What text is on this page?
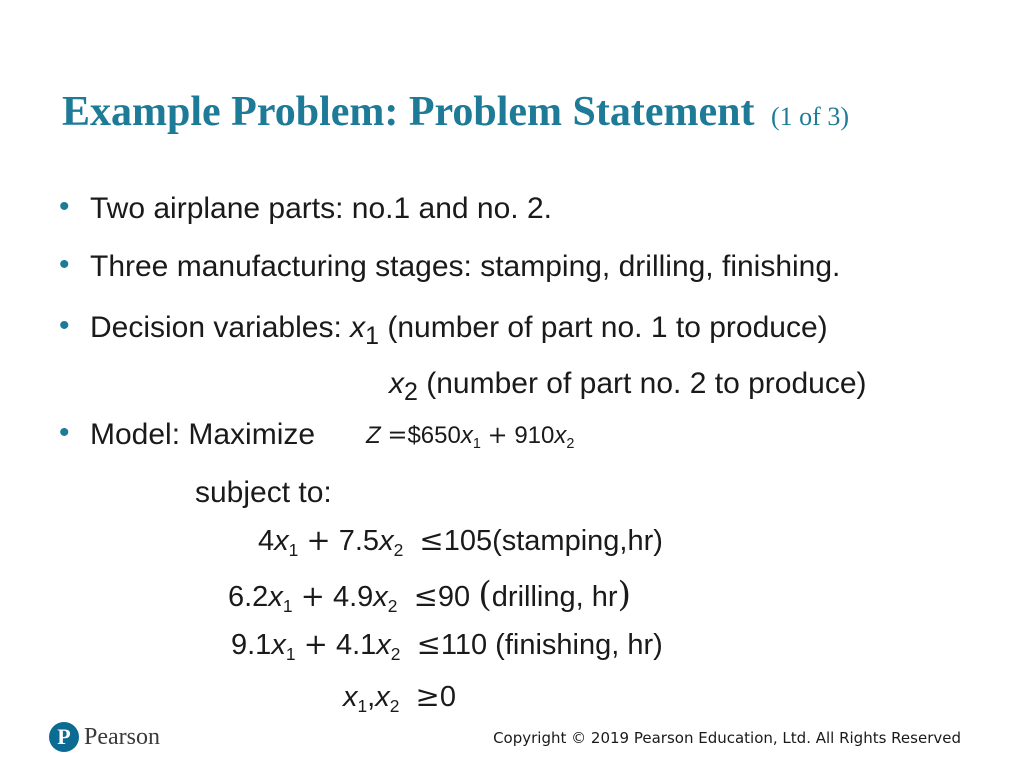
Example Problem: Problem Statement (1 of 3)
• Two airplane parts: no.1 and no. 2.
• Three manufacturing stages: stamping, drilling, finishing.
• Decision variables: $x_1$ (number of part no. 1 to produce)
$x_2$ (number of part no. 2 to produce)
• Model: Maximize $Z =\$650x_1 + 910x_2$
subject to:
$4x_1 + 7.5x_2$ ≤105(stamping,hr)
$6.2x_1 + 4.9x_2 \le 90$ (drilling, hr)
$9.1x_1 + 4.1x_2 \le 110$ (finishing, hr)
$x_1,x_2 \ge 0$
P Pearson	Copyright © 2019 Pearson Education, Ltd. All Rights Reserved
